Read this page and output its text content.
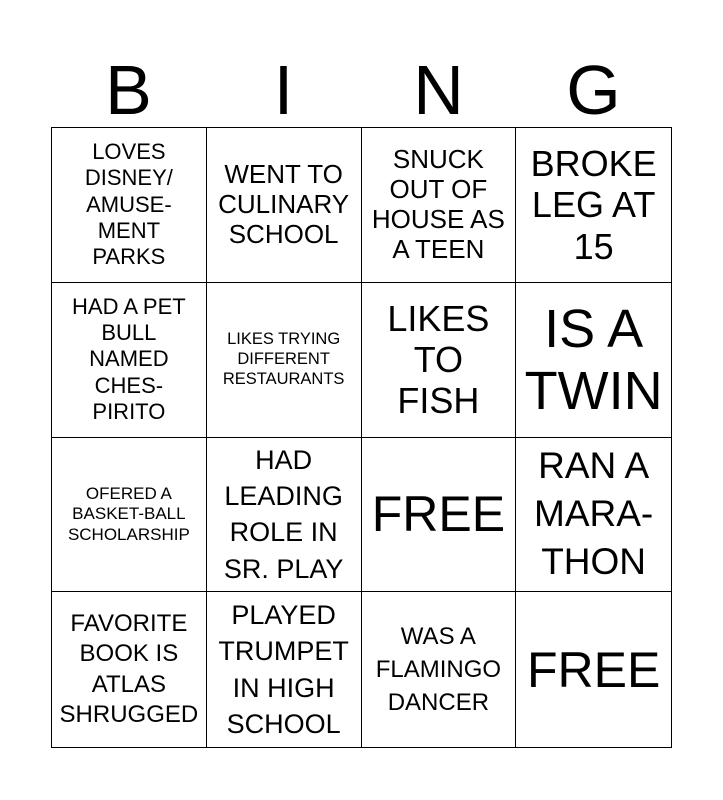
B	I	N	G
LOVES
DISNEY/
AMUSE-
MENT
PARKS
WENT TO
CULINARY
SCHOOL
SNUCK
OUT OF
HOUSE AS
A TEEN
BROKE
LEG AT
15
HAD A PET
BULL
NAMED
CHES-
PIRITO
LIKES TRYING
DIFFERENT
RESTAURANTS
LIKES
TO
FISH
IS A
TWIN
OFERED A
BASKET-BALL
SCHOLARSHIP
HAD
LEADING
ROLE IN
SR. PLAY
FREE
RAN A
MARA-
THON
FAVORITE
BOOK IS
ATLAS
SHRUGGED
PLAYED
TRUMPET
IN HIGH
SCHOOL
WAS A
FLAMINGO
DANCER
FREE
